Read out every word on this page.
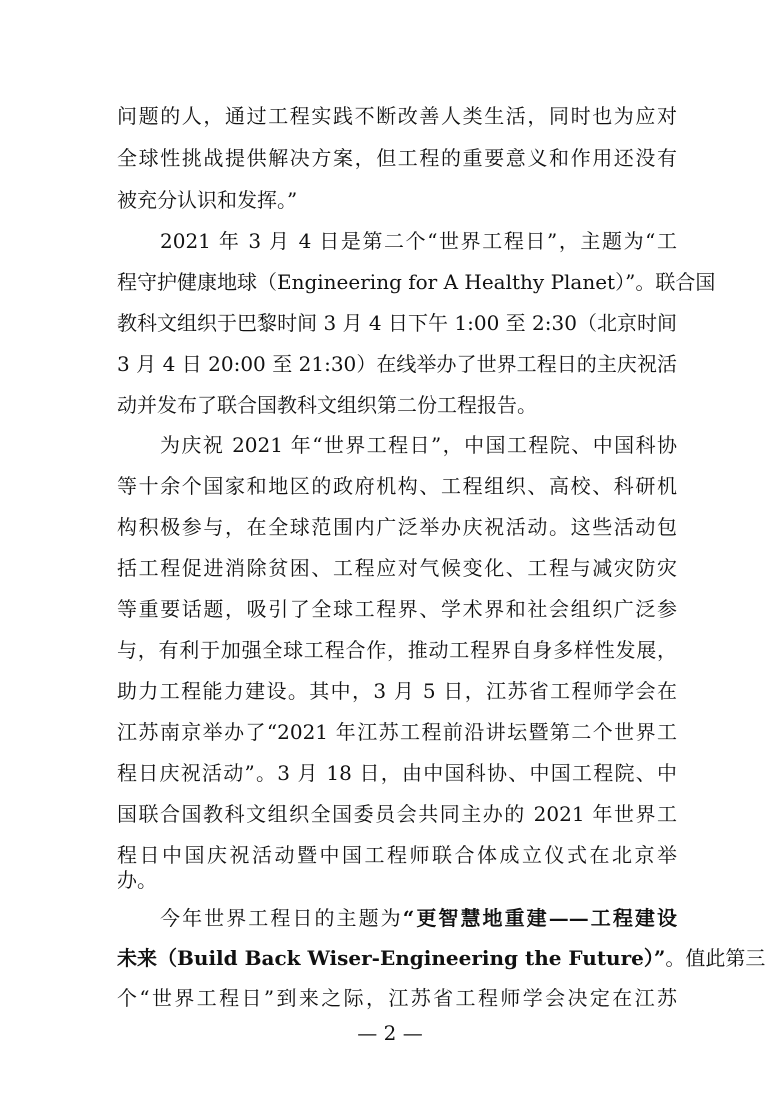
问题的人，通过工程实践不断改善人类生活，同时也为应对
全球性挑战提供解决方案，但工程的重要意义和作用还没有
被充分认识和发挥。”
2021 年 3 月 4 日是第二个“世界工程日”，主题为“工
程守护健康地球（Engineering for A Healthy Planet）”。联合国
教科文组织于巴黎时间 3 月 4 日下午 1:00 至 2:30（北京时间
3 月 4 日 20:00 至 21:30）在线举办了世界工程日的主庆祝活
动并发布了联合国教科文组织第二份工程报告。
为庆祝 2021 年“世界工程日”，中国工程院、中国科协
等十余个国家和地区的政府机构、工程组织、高校、科研机
构积极参与，在全球范围内广泛举办庆祝活动。这些活动包
括工程促进消除贫困、工程应对气候变化、工程与减灾防灾
等重要话题，吸引了全球工程界、学术界和社会组织广泛参
与，有利于加强全球工程合作，推动工程界自身多样性发展，
助力工程能力建设。其中，3 月 5 日，江苏省工程师学会在
江苏南京举办了“2021 年江苏工程前沿讲坛暨第二个世界工
程日庆祝活动”。3 月 18 日，由中国科协、中国工程院、中
国联合国教科文组织全国委员会共同主办的 2021 年世界工
程日中国庆祝活动暨中国工程师联合体成立仪式在北京举
办。
今年世界工程日的主题为“更智慧地重建——工程建设
未来（Build Back Wiser-Engineering the Future）”。值此第三
个“世界工程日”到来之际，江苏省工程师学会决定在江苏
— 2 —
